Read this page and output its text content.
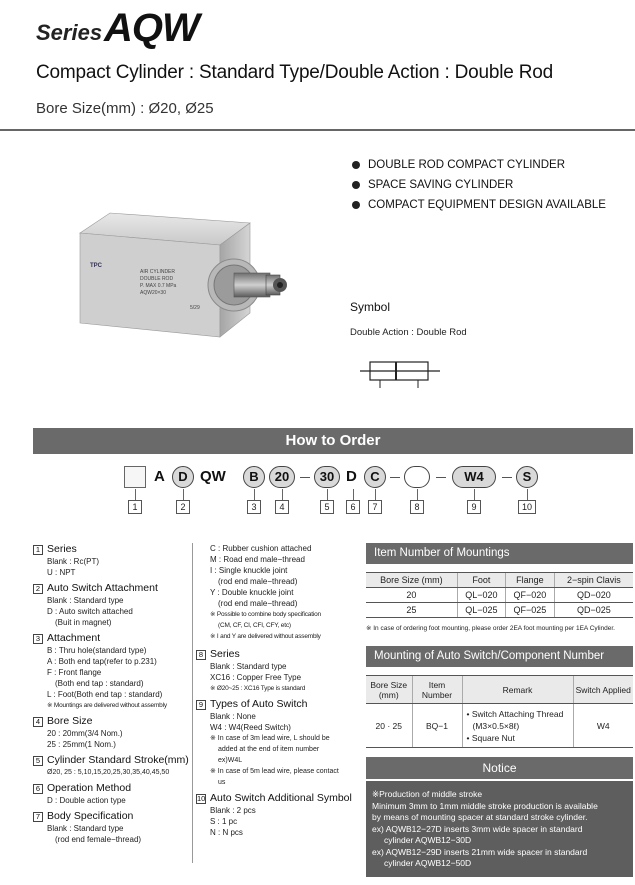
Series AQW
Compact Cylinder : Standard Type/Double Action : Double Rod
Bore Size(mm) : Ø20, Ø25
TPC
AIR CYLINDER
DOUBLE ROD
P. MAX 0.7 MPa
AQW20×30
5/29
DOUBLE ROD COMPACT CYLINDER
SPACE SAVING CYLINDER
COMPACT EQUIPMENT DESIGN AVAILABLE
Symbol
Double Action : Double Rod
How to Order
A	D QW	B	20	30 D	C	W4	S
1	2	3	4	5	6	7	8	9	10
1 Series
Blank : Rc(PT)
U : NPT
2 Auto Switch Attachment
Blank : Standard type
D : Auto switch attached
(Buit in magnet)
3 Attachment
B : Thru hole(standard type)
A : Both end tap(refer to p.231)
F : Front flange
(Both end tap : standard)
L : Foot(Both end tap : standard)
※ Mountings are delivered without assembly
4 Bore Size
20 : 20mm(3/4 Nom.)
25 : 25mm(1 Nom.)
5 Cylinder Standard Stroke(mm)
Ø20, 25 : 5,10,15,20,25,30,35,40,45,50
6 Operation Method
D : Double action type
7 Body Specification
Blank : Standard type
(rod end female−thread)
C : Rubber cushion attached
M : Road end male−thread
I : Single knuckle joint
(rod end male−thread)
Y : Double knuckle joint
(rod end male−thread)
※ Possible to combine body specification
(CM, CF, CI, CFI, CFY, etc)
※ I and Y are delivered without assembly
8 Series
Blank : Standard type
XC16 : Copper Free Type
※ Ø20~25 : XC16 Type is standard
9 Types of Auto Switch
Blank : None
W4 : W4(Reed Switch)
※ In case of 3m lead wire, L should be
added at the end of item number
ex)W4L
※ In case of 5m lead wire, please contact
us
10 Auto Switch Additional Symbol
Blank : 2 pcs
S : 1 pc
N : N pcs
Item Number of Mountings
Bore Size (mm)	Foot	Flange	2−spin Clavis
20	QL−020	QF−020	QD−020
25	QL−025	QF−025	QD−025
※ In case of ordering foot mounting, please order 2EA foot mounting per 1EA Cylinder.
Mounting of Auto Switch/Component Number
Bore Size (mm)	Item Number	Remark	Switch Applied
20 · 25	BQ−1	• Switch Attaching Thread
(M3×0.5×8ℓ)
• Square Nut	W4
Notice
※Production of middle stroke
Minimum 3mm to 1mm middle stroke production is available
by means of mounting spacer at standard stroke cylinder.
ex) AQWB12−27D inserts 3mm wide spacer in standard
cylinder AQWB12−30D
ex) AQWB12−29D inserts 21mm wide spacer in standard
cylinder AQWB12−50D
